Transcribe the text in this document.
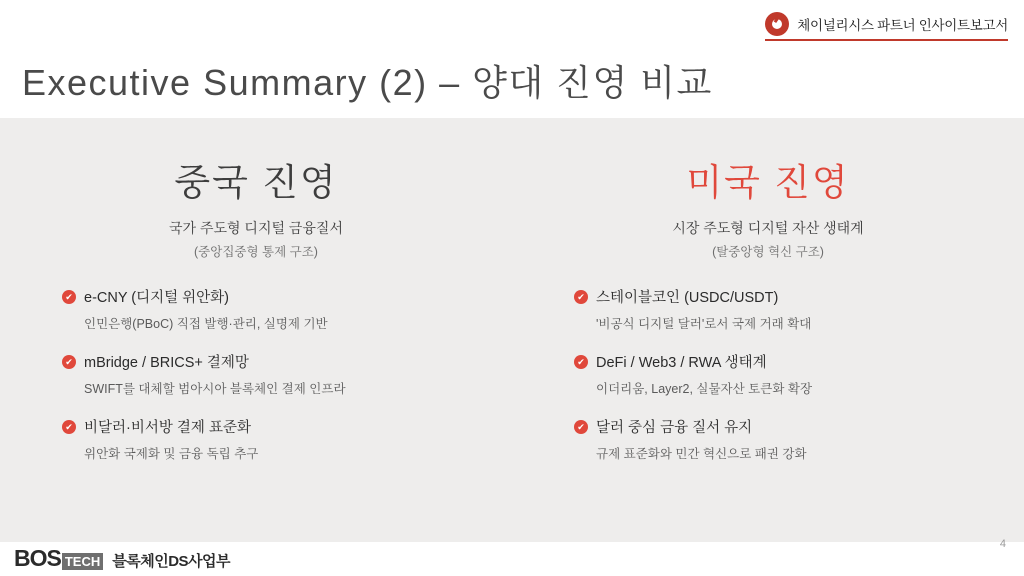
체이널리시스 파트너 인사이트보고서
Executive Summary (2) – 양대 진영 비교
중국 진영
국가 주도형 디지털 금융질서
(중앙집중형 통제 구조)
✔ e-CNY (디지털 위안화)
인민은행(PBoC) 직접 발행·관리, 실명제 기반
✔ mBridge / BRICS+ 결제망
SWIFT를 대체할 범아시아 블록체인 결제 인프라
✔ 비달러·비서방 결제 표준화
위안화 국제화 및 금융 독립 추구
미국 진영
시장 주도형 디지털 자산 생태계
(탈중앙형 혁신 구조)
✔ 스테이블코인 (USDC/USDT)
'비공식 디지털 달러'로서 국제 거래 확대
✔ DeFi / Web3 / RWA 생태계
이더리움, Layer2, 실물자산 토큰화 확장
✔ 달러 중심 금융 질서 유지
규제 표준화와 민간 혁신으로 패권 강화
BOS TECH 블록체인DS사업부
4
